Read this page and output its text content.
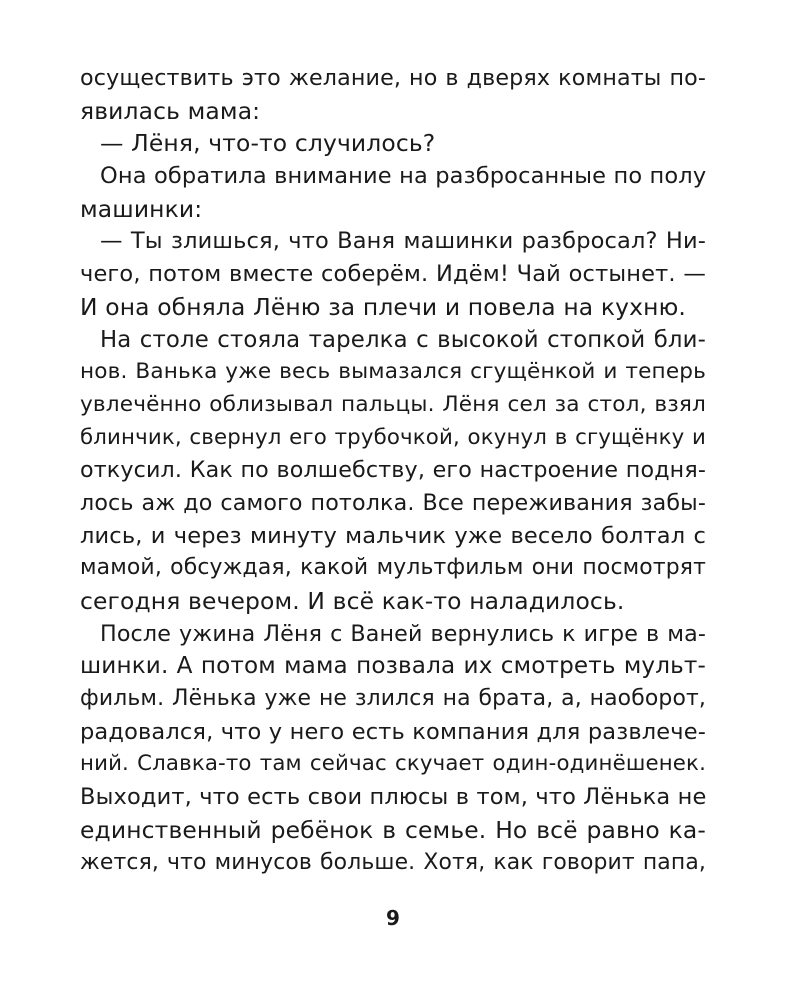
осуществить это желание, но в дверях комнаты по-
явилась мама:
— Лёня, что-то случилось?
Она обратила внимание на разбросанные по полу
машинки:
— Ты злишься, что Ваня машинки разбросал? Ни-
чего, потом вместе соберём. Идём! Чай остынет. —
И она обняла Лёню за плечи и повела на кухню.
На столе стояла тарелка с высокой стопкой бли-
нов. Ванька уже весь вымазался сгущёнкой и теперь
увлечённо облизывал пальцы. Лёня сел за стол, взял
блинчик, свернул его трубочкой, окунул в сгущёнку и
откусил. Как по волшебству, его настроение подня-
лось аж до самого потолка. Все переживания забы-
лись, и через минуту мальчик уже весело болтал с
мамой, обсуждая, какой мультфильм они посмотрят
сегодня вечером. И всё как-то наладилось.
После ужина Лёня с Ваней вернулись к игре в ма-
шинки. А потом мама позвала их смотреть мульт-
фильм. Лёнька уже не злился на брата, а, наоборот,
радовался, что у него есть компания для развлече-
ний. Славка-то там сейчас скучает один-одинёшенек.
Выходит, что есть свои плюсы в том, что Лёнька не
единственный ребёнок в семье. Но всё равно ка-
жется, что минусов больше. Хотя, как говорит папа,
9
